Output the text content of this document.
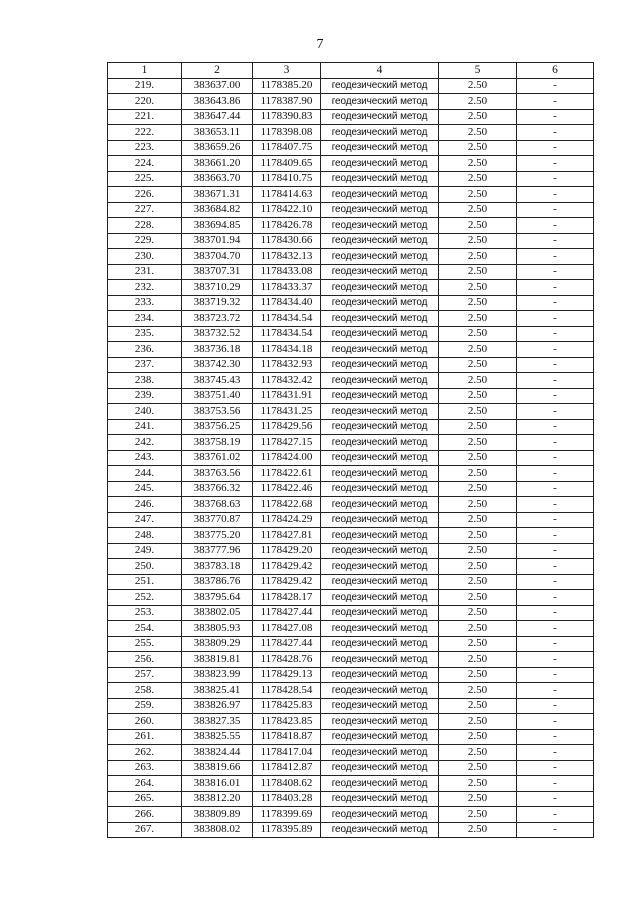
7
1	2	3	4	5	6
219.	383637.00	1178385.20	геодезический метод	2.50	-
220.	383643.86	1178387.90	геодезический метод	2.50	-
221.	383647.44	1178390.83	геодезический метод	2.50	-
222.	383653.11	1178398.08	геодезический метод	2.50	-
223.	383659.26	1178407.75	геодезический метод	2.50	-
224.	383661.20	1178409.65	геодезический метод	2.50	-
225.	383663.70	1178410.75	геодезический метод	2.50	-
226.	383671.31	1178414.63	геодезический метод	2.50	-
227.	383684.82	1178422.10	геодезический метод	2.50	-
228.	383694.85	1178426.78	геодезический метод	2.50	-
229.	383701.94	1178430.66	геодезический метод	2.50	-
230.	383704.70	1178432.13	геодезический метод	2.50	-
231.	383707.31	1178433.08	геодезический метод	2.50	-
232.	383710.29	1178433.37	геодезический метод	2.50	-
233.	383719.32	1178434.40	геодезический метод	2.50	-
234.	383723.72	1178434.54	геодезический метод	2.50	-
235.	383732.52	1178434.54	геодезический метод	2.50	-
236.	383736.18	1178434.18	геодезический метод	2.50	-
237.	383742.30	1178432.93	геодезический метод	2.50	-
238.	383745.43	1178432.42	геодезический метод	2.50	-
239.	383751.40	1178431.91	геодезический метод	2.50	-
240.	383753.56	1178431.25	геодезический метод	2.50	-
241.	383756.25	1178429.56	геодезический метод	2.50	-
242.	383758.19	1178427.15	геодезический метод	2.50	-
243.	383761.02	1178424.00	геодезический метод	2.50	-
244.	383763.56	1178422.61	геодезический метод	2.50	-
245.	383766.32	1178422.46	геодезический метод	2.50	-
246.	383768.63	1178422.68	геодезический метод	2.50	-
247.	383770.87	1178424.29	геодезический метод	2.50	-
248.	383775.20	1178427.81	геодезический метод	2.50	-
249.	383777.96	1178429.20	геодезический метод	2.50	-
250.	383783.18	1178429.42	геодезический метод	2.50	-
251.	383786.76	1178429.42	геодезический метод	2.50	-
252.	383795.64	1178428.17	геодезический метод	2.50	-
253.	383802.05	1178427.44	геодезический метод	2.50	-
254.	383805.93	1178427.08	геодезический метод	2.50	-
255.	383809.29	1178427.44	геодезический метод	2.50	-
256.	383819.81	1178428.76	геодезический метод	2.50	-
257.	383823.99	1178429.13	геодезический метод	2.50	-
258.	383825.41	1178428.54	геодезический метод	2.50	-
259.	383826.97	1178425.83	геодезический метод	2.50	-
260.	383827.35	1178423.85	геодезический метод	2.50	-
261.	383825.55	1178418.87	геодезический метод	2.50	-
262.	383824.44	1178417.04	геодезический метод	2.50	-
263.	383819.66	1178412.87	геодезический метод	2.50	-
264.	383816.01	1178408.62	геодезический метод	2.50	-
265.	383812.20	1178403.28	геодезический метод	2.50	-
266.	383809.89	1178399.69	геодезический метод	2.50	-
267.	383808.02	1178395.89	геодезический метод	2.50	-
